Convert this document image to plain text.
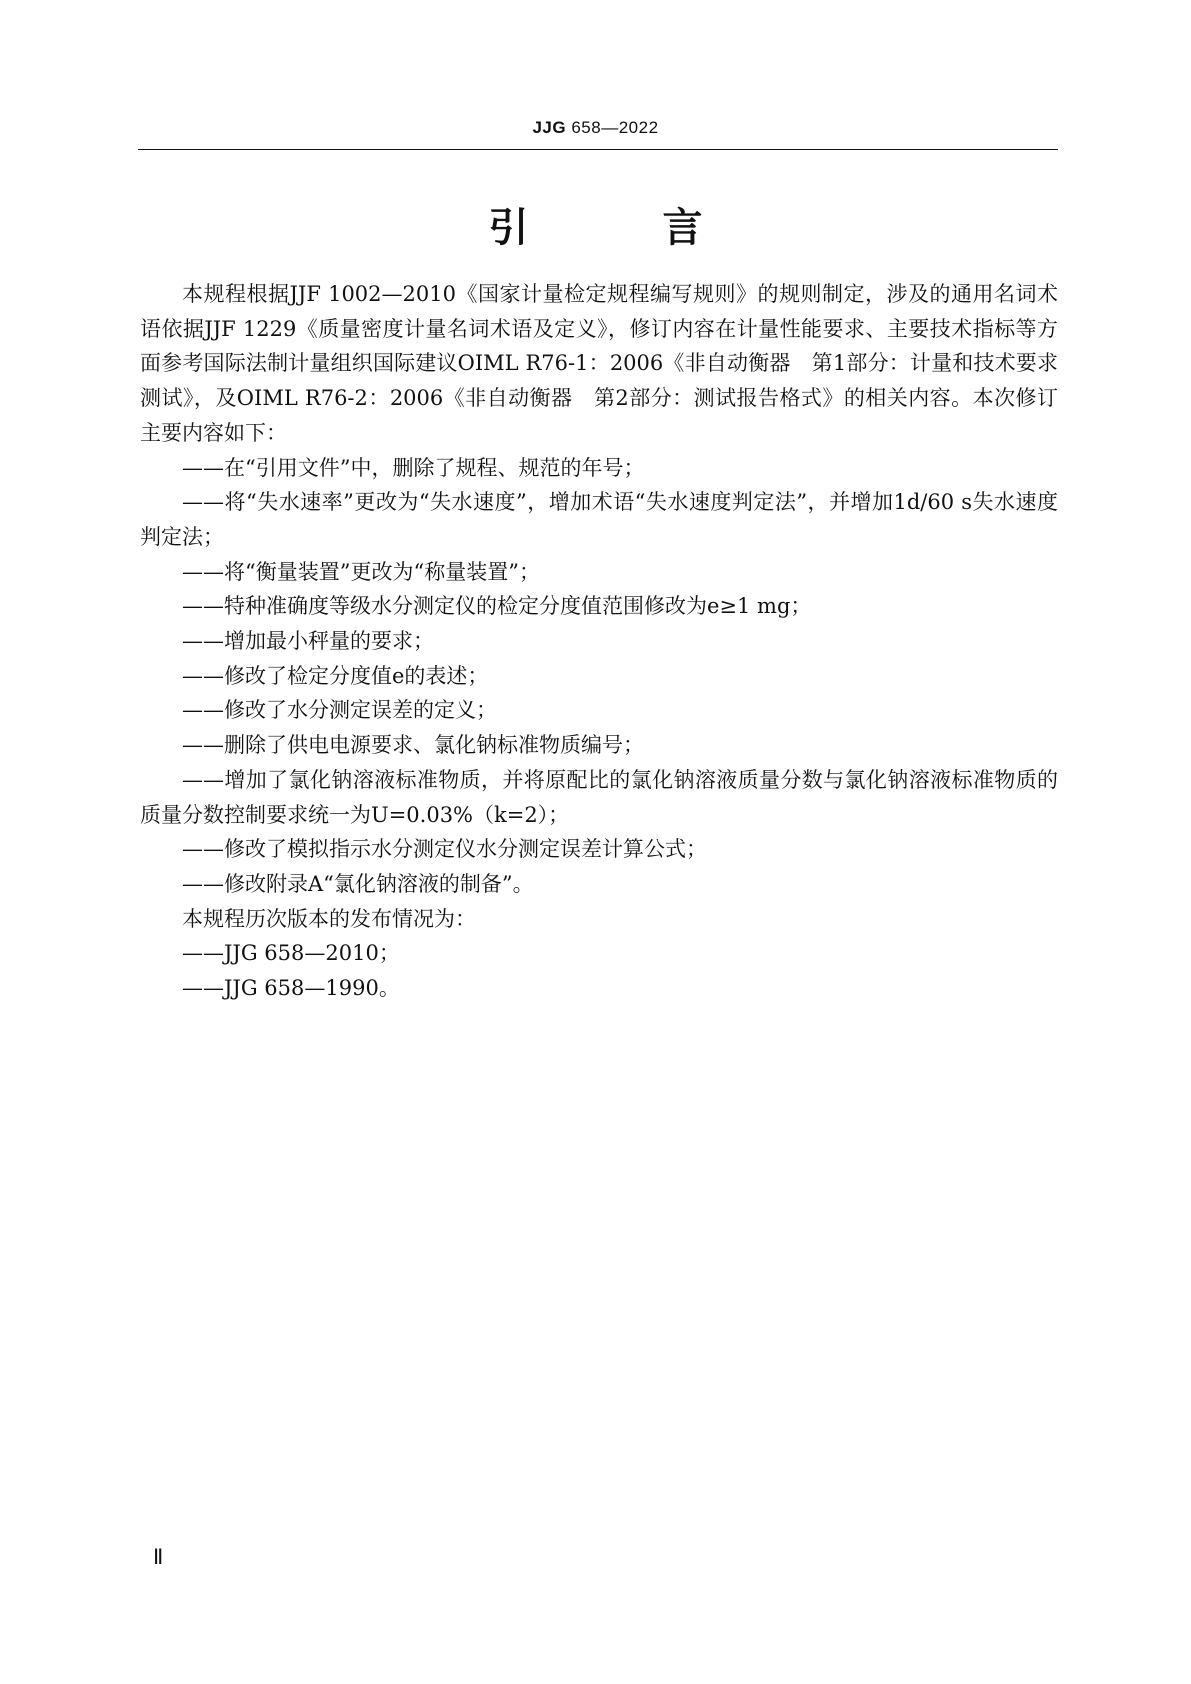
JJG 658—2022
引 言

本规程根据JJF 1002—2010《国家计量检定规程编写规则》的规则制定，涉及的通用名词术语依据JJF 1229《质量密度计量名词术语及定义》，修订内容在计量性能要求、主要技术指标等方面参考国际法制计量组织国际建议OIML R76-1：2006《非自动衡器　第1部分：计量和技术要求　测试》，及OIML R76-2：2006《非自动衡器　第2部分：测试报告格式》的相关内容。本次修订主要内容如下：

——在“引用文件”中，删除了规程、规范的年号；

——将“失水速率”更改为“失水速度”，增加术语“失水速度判定法”，并增加1d/60 s失水速度判定法；

——将“衡量装置”更改为“称量装置”；

——特种准确度等级水分测定仪的检定分度值范围修改为e≥1 mg；

——增加最小秤量的要求；

——修改了检定分度值e的表述；

——修改了水分测定误差的定义；

——删除了供电电源要求、氯化钠标准物质编号；

——增加了氯化钠溶液标准物质，并将原配比的氯化钠溶液质量分数与氯化钠溶液标准物质的质量分数控制要求统一为U=0.03%（k=2）；

——修改了模拟指示水分测定仪水分测定误差计算公式；

——修改附录A“氯化钠溶液的制备”。

本规程历次版本的发布情况为：

——JJG 658—2010；

——JJG 658—1990。

Ⅱ
